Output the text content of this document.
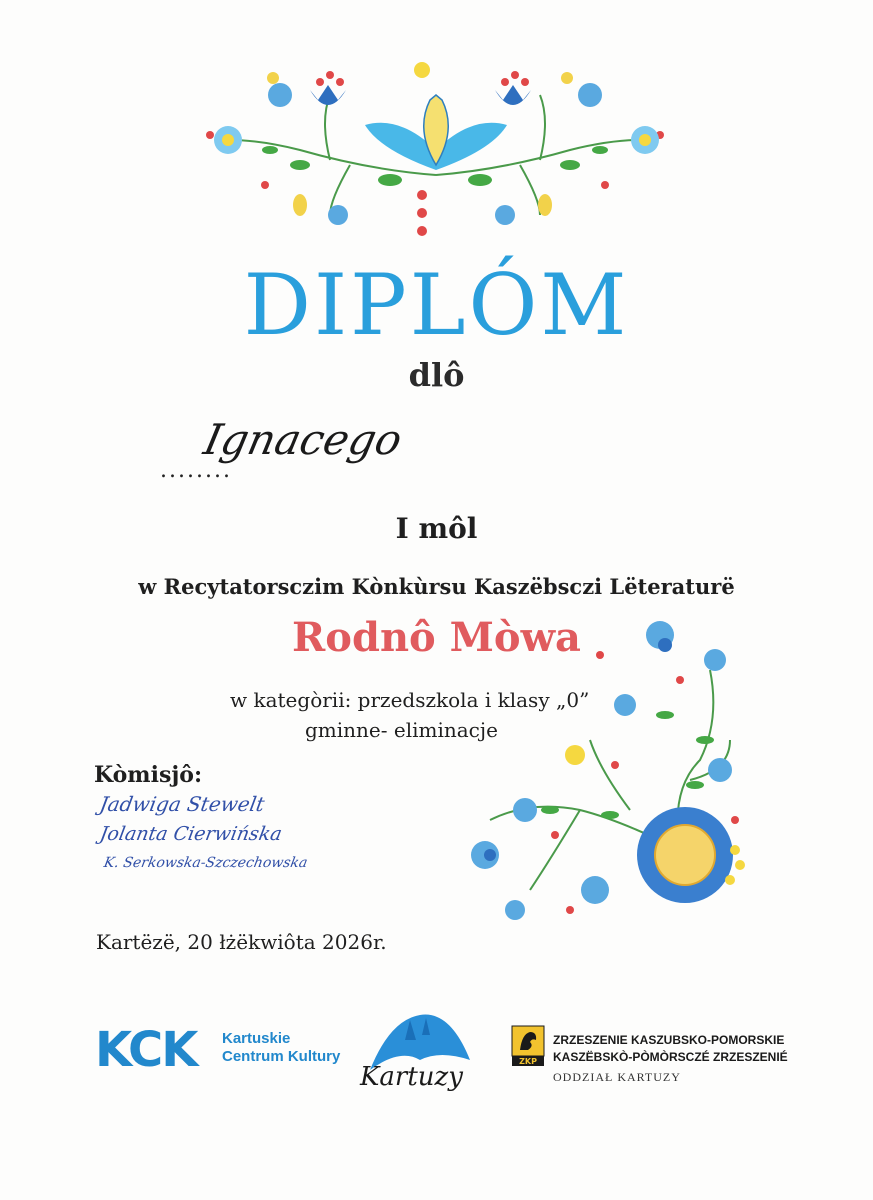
DIPLÓM
dlô
........
Ignacego
I môl
w Recytatorsczim Kònkùrsu Kaszëbsczi Lëteraturë
Rodnô Mòwa
w kategòrii: przedszkola i klasy „0”
gminne- eliminacje
Kòmisjô:
Jadwiga Stewelt
Jolanta Cierwińska
K. Serkowska-Szczechowska
Kartëzë, 20 łżëkwiôta 2026r.
KCK Kartuskie
Centrum Kultury
Kartuzy
ZKP
ZRZESZENIE KASZUBSKO-POMORSKIE
KASZËBSKÒ-PÒMÒRSCZÉ ZRZESZENIÉ
ODDZIAŁ KARTUZY
